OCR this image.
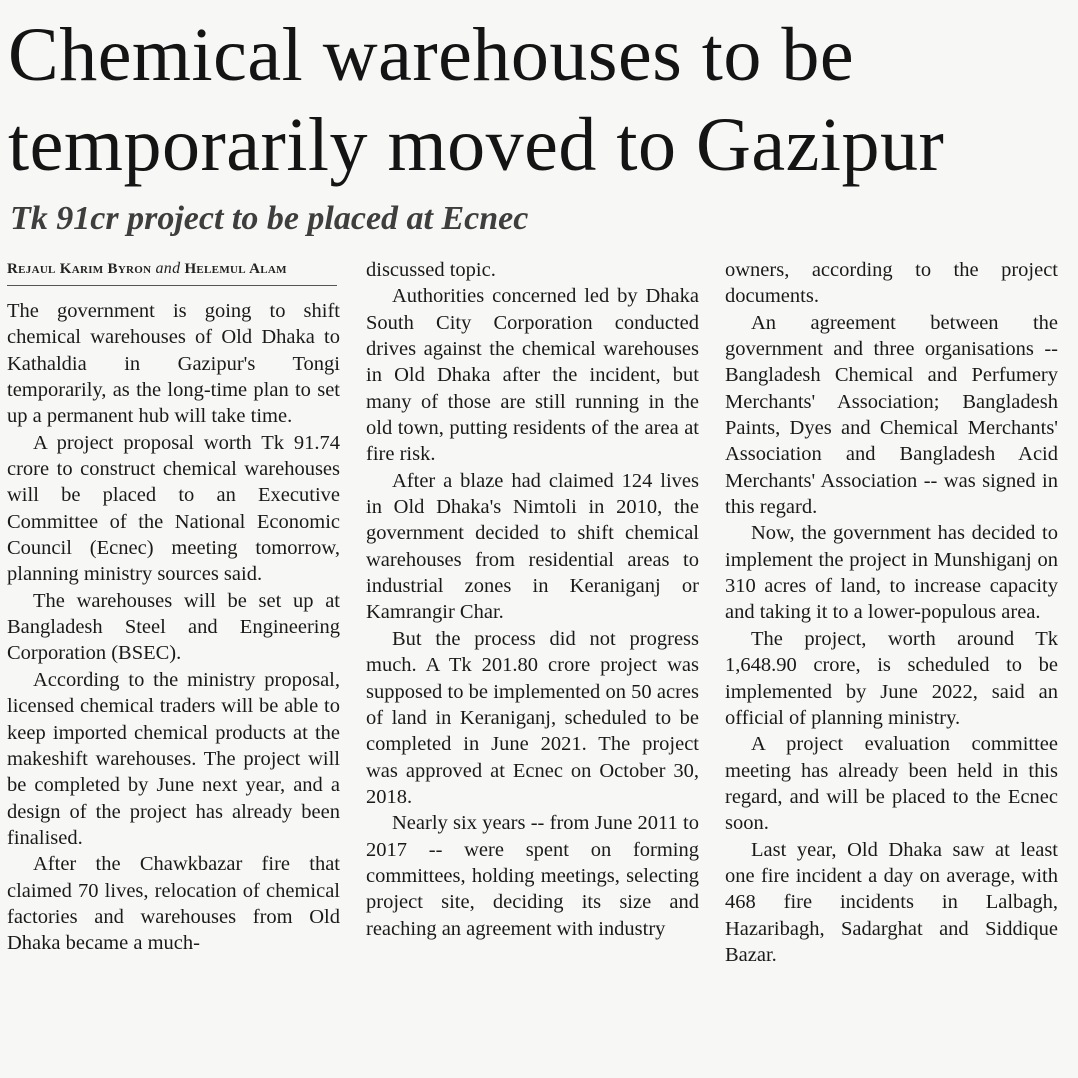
Chemical warehouses to be temporarily moved to Gazipur
Tk 91cr project to be placed at Ecnec
Rejaul Karim Byron and Helemul Alam

The government is going to shift chemical warehouses of Old Dhaka to Kathaldia in Gazipur's Tongi temporarily, as the long-time plan to set up a permanent hub will take time.

A project proposal worth Tk 91.74 crore to construct chemical warehouses will be placed to an Executive Committee of the National Economic Council (Ecnec) meeting tomorrow, planning ministry sources said.

The warehouses will be set up at Bangladesh Steel and Engineering Corporation (BSEC).

According to the ministry proposal, licensed chemical traders will be able to keep imported chemical products at the makeshift warehouses. The project will be completed by June next year, and a design of the project has already been finalised.

After the Chawkbazar fire that claimed 70 lives, relocation of chemical factories and warehouses from Old Dhaka became a much-

discussed topic.

Authorities concerned led by Dhaka South City Corporation conducted drives against the chemical warehouses in Old Dhaka after the incident, but many of those are still running in the old town, putting residents of the area at fire risk.

After a blaze had claimed 124 lives in Old Dhaka's Nimtoli in 2010, the government decided to shift chemical warehouses from residential areas to industrial zones in Keraniganj or Kamrangir Char.

But the process did not progress much. A Tk 201.80 crore project was supposed to be implemented on 50 acres of land in Keraniganj, scheduled to be completed in June 2021. The project was approved at Ecnec on October 30, 2018.

Nearly six years -- from June 2011 to 2017 -- were spent on forming committees, holding meetings, selecting project site, deciding its size and reaching an agreement with industry

owners, according to the project documents.

An agreement between the government and three organisations -- Bangladesh Chemical and Perfumery Merchants' Association; Bangladesh Paints, Dyes and Chemical Merchants' Association and Bangladesh Acid Merchants' Association -- was signed in this regard.

Now, the government has decided to implement the project in Munshiganj on 310 acres of land, to increase capacity and taking it to a lower-populous area.

The project, worth around Tk 1,648.90 crore, is scheduled to be implemented by June 2022, said an official of planning ministry.

A project evaluation committee meeting has already been held in this regard, and will be placed to the Ecnec soon.

Last year, Old Dhaka saw at least one fire incident a day on average, with 468 fire incidents in Lalbagh, Hazaribagh, Sadarghat and Siddique Bazar.
